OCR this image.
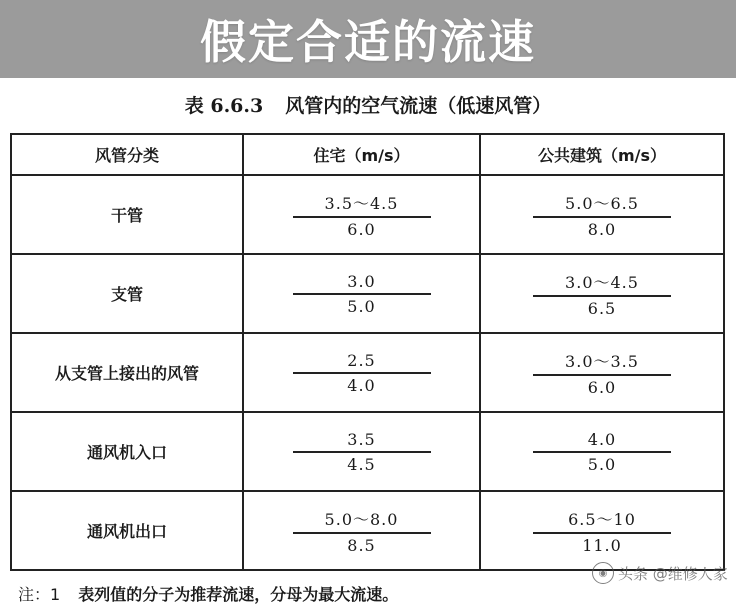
假定合适的流速
表 6.6.3 风管内的空气流速（低速风管）
风管分类	住宅（m/s）	公共建筑（m/s）
干管	$\frac{3.5\sim 4.5}{6.0}$	$\frac{5.0\sim 6.5}{8.0}$

支管	$\frac{3.0}{5.0}$	$\frac{3.0\sim 4.5}{6.5}$

从支管上接出的风管	$\frac{2.5}{4.0}$	$\frac{3.0\sim 3.5}{6.0}$

通风机入口	$\frac{3.5}{4.5}$	$\frac{4.0}{5.0}$

通风机出口	$\frac{5.0\sim 8.0}{8.5}$	$\frac{6.5\sim 10}{11.0}$
注：1 表列值的分子为推荐流速，分母为最大流速。
◉ 头条 @维修人家
